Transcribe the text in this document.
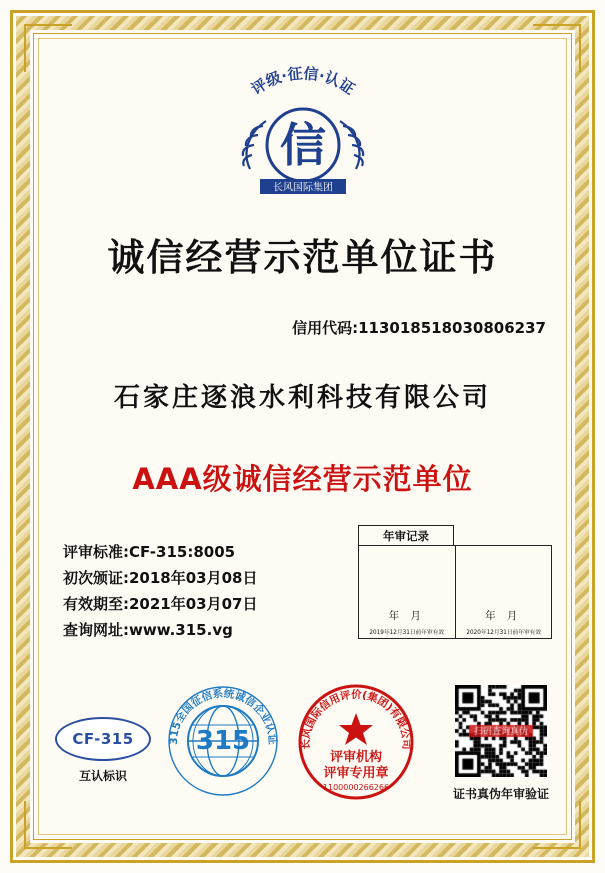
评级·征信·认证
信
长风国际集团
诚信经营示范单位证书
信用代码:113018518030806237
石家庄逐浪水利科技有限公司
AAA级诚信经营示范单位
评审标准:CF-315:8005
初次颁证:2018年03月08日
有效期至:2021年03月07日
查询网址:www.315.vg
年审记录
年 月
2019年12月31日前年审有效
年 月
2020年12月31日前年审有效
CF-315
互认标识
315全国征信系统诚信企业认证
315	长风国际信用评价(集团)有限公司
评审机构
评审专用章
1100000266266	证书真伪年审验证
